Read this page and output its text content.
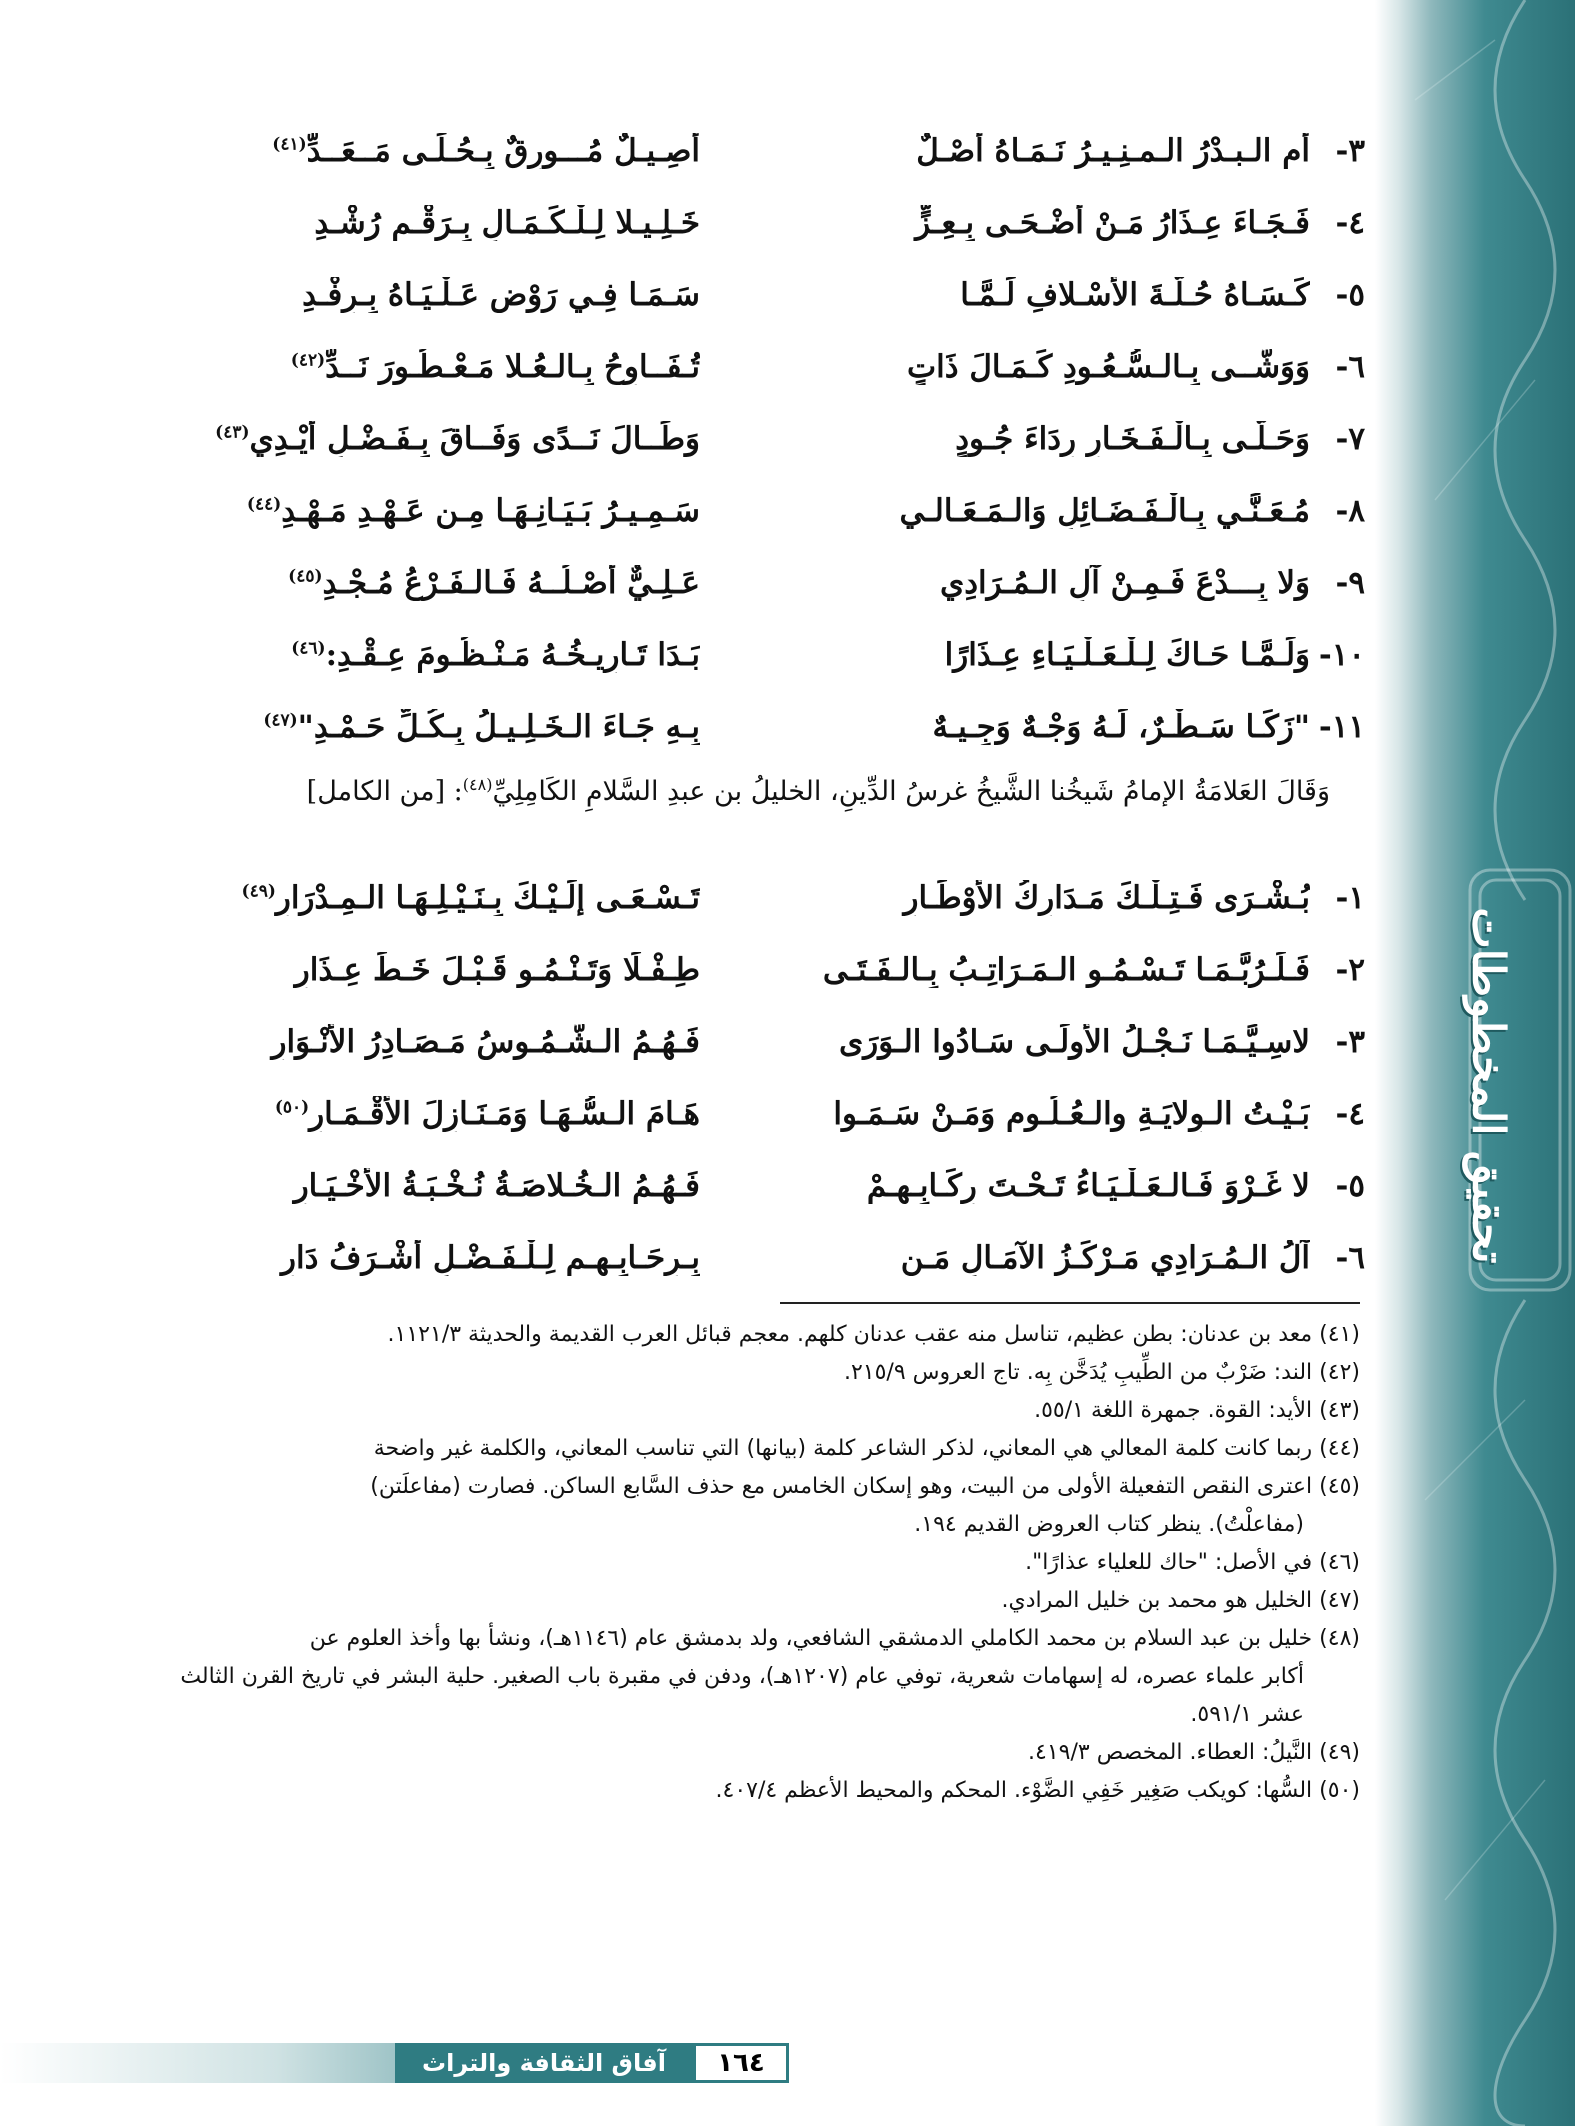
تحقيق المخطوطات
٣-
أمِ الـبـدْرُ الـمـنِـيـرُ نَـمَـاهُ أَصْـلٌ
أَصِـيـلٌ مُـــورِقٌ بِـحُـلَـى مَــعَــدِّ$^{(٤١)}$
٤-
فَـجَـاءَ عِـذَارُ مَـنْ أَضْـحَـى بِـعِـزٍّ
خَـلِـيـلا لِـلْـكَـمَـالِ بِـرَقْـمِ رُشْـدِ
٥-
كَـسَـاهُ حُـلَّـةَ الأَسْـلافِ لَـمَّـا
سَـمَـا فِـي رَوْضِ عَـلْـيَـاهُ بِـرِفْـدِ
٦-
وَوَشَّــى بِـالـسُّـعُـودِ كَـمَـالَ ذَاتٍ
تُـفَــاوِحُ بِـالـعُـلا مَـعْـطُـورَ نَــدِّ$^{(٤٢)}$
٧-
وَحَـلَّـى بِـالْـفَـخَـارِ رِدَاءَ جُـودٍ
وَطَــالَ نَــدًى وَفَــاقَ بِـفَـضْـلِ أَيْـدِي$^{(٤٣)}$
٨-
مُـعَـنَّـي بِـالْـفَـضَـائِلِ وَالـمَـعَـالـي
سَـمِـيـرُ بَـيَـانِـهَـا مِـن عَـهْـدِ مَـهْـدِ$^{(٤٤)}$
٩-
وَلا بِـــدْعَ فَـمِـنْ آلِ الـمُـرَادِي
عَـلِـيٌّ أَصْـلُــهُ فَـالـفَـرْعُ مُـجْـدِ$^{(٤٥)}$
١٠-
وَلَـمَّـا حَـاكَ لِـلْـعَـلْـيَـاءِ عِـذَارًا
بَـدَا تَـارِيـخُـهُ مَـنْـظُـومَ عِـقْـدِ:$^{(٤٦)}$
١١-
"زَكَـا سَـطْـرٌ، لَـهُ وَجْـهٌ وَجِـيـهٌ
بِـهِ جَـاءَ الـخَـلِـيـلُ بِـكُـلِّ حَـمْـدِ"$^{(٤٧)}$
وَقَالَ العَلامَةُ الإمامُ شَيخُنا الشَّيخُ غرسُ الدِّينِ، الخليلُ بن عبدِ السَّلامِ الكَامِلِيِّ$^{(٤٨)}$: [من الكامل]
١-
بُـشْـرَى فَـتِـلْـكَ مَـدَارِكُ الأَوْطَـارِ
تَـسْـعَـى إِلَـيْـكَ بِـنَـيْـلِـهَـا الـمِـدْرَارِ$^{(٤٩)}$
٢-
فَـلَـرُبَّـمَـا تَـسْـمُـو الـمَـرَاتِـبُ بِـالـفَـتَـى
طِـفْـلًا وَتَـنْـمُـو قَـبْـلَ خَـطِّ عِـذَارِ
٣-
لاسِـيَّـمَـا نَـجْـلُ الأُولَـى سَـادُوا الـوَرَى
فَـهُـمُ الـشُّـمُـوسُ مَـصَـادِرُ الأَنْـوَارِ
٤-
بَـيْـتُ الـوِلايَـةِ والـعُـلُـومِ وَمَـنْ سَـمَـوا
هَـامَ الـسُّـهَـا وَمَـنَـازِلَ الأَقْـمَـارِ$^{(٥٠)}$
٥-
لا غَـرْوَ فَـالـعَـلْـيَـاءُ تَـحْـتَ رِكَـابِـهِـمْ
فَـهُـمُ الـخُـلاصَـةُ نُـخْـبَـةُ الأَخْـيَـارِ
٦-
آلُ الـمُـرَادِي مَـرْكَـزُ الآمَـالِ مَـن
بِـرِحَـابِـهِـم لِـلْـفَـضْـلِ أَشْـرَفُ دَارِ
(٤١) معد بن عدنان: بطن عظيم، تناسل منه عقب عدنان كلهم. معجم قبائل العرب القديمة والحديثة ١١٢١/٣.
(٤٢) الند: ضَرْبٌ من الطِّيبِ يُدَخَّن بِه. تاج العروس ٢١٥/٩.
(٤٣) الأيد: القوة. جمهرة اللغة ٥٥/١.
(٤٤) ربما كانت كلمة المعالي هي المعاني، لذكر الشاعر كلمة (بيانها) التي تناسب المعاني، والكلمة غير واضحة
(٤٥) اعترى النقص التفعيلة الأولى من البيت، وهو إسكان الخامس مع حذف السَّابع الساكن. فصارت (مفاعلَتن)
(مفاعلْتُ). ينظر كتاب العروض القديم ١٩٤.
(٤٦) في الأصل: "حاك للعلياء عذارًا".
(٤٧) الخليل هو محمد بن خليل المرادي.
(٤٨) خليل بن عبد السلام بن محمد الكاملي الدمشقي الشافعي، ولد بدمشق عام (١١٤٦هـ)، ونشأ بها وأخذ العلوم عن
أكابر علماء عصره، له إسهامات شعرية، توفي عام (١٢٠٧هـ)، ودفن في مقبرة باب الصغير. حلية البشر في تاريخ القرن الثالث عشر ٥٩١/١.
(٤٩) النَّيلُ: العطاء. المخصص ٤١٩/٣.
(٥٠) السُّها: كويكب صَغِير خَفِي الضَّوْء. المحكم والمحيط الأعظم ٤٠٧/٤.
آفاق الثقافة والتراث	١٦٤
